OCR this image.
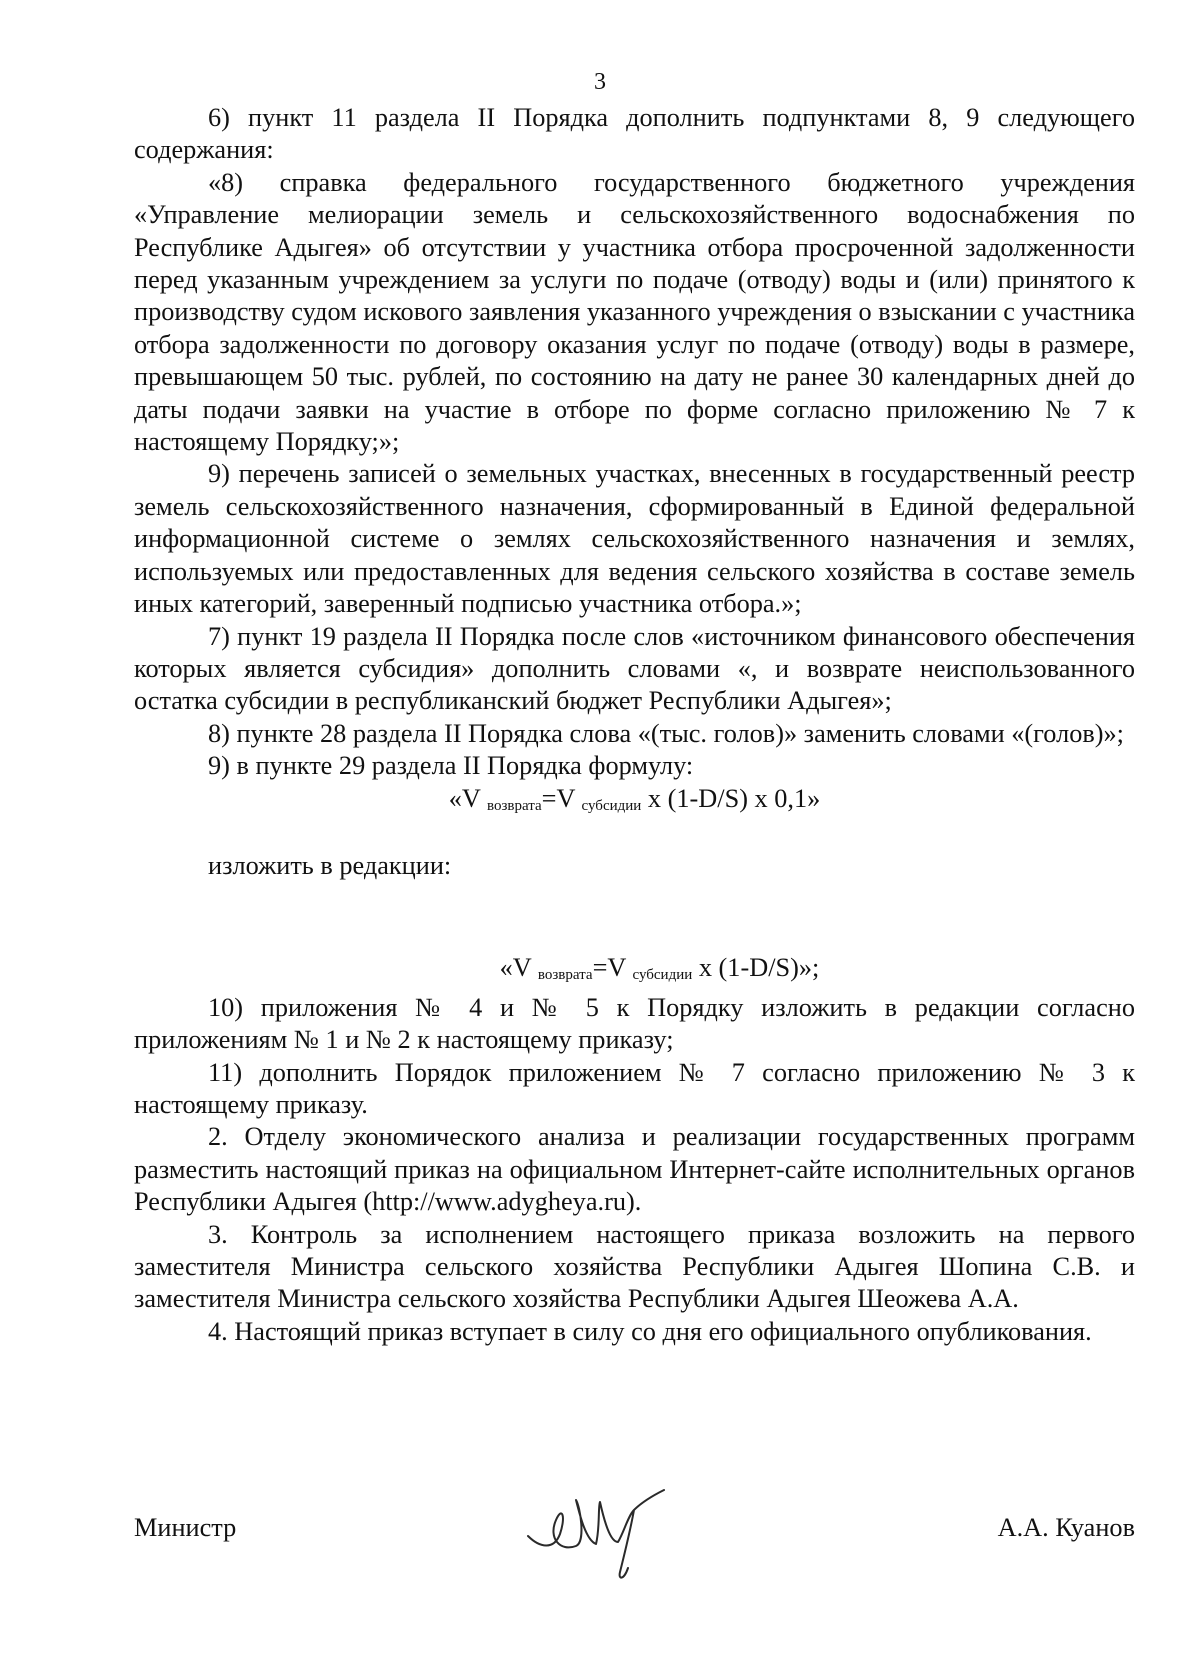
3

6) пункт 11 раздела II Порядка дополнить подпунктами 8, 9 следующего содержания:

«8) справка федерального государственного бюджетного учреждения «Управление мелиорации земель и сельскохозяйственного водоснабжения по Республике Адыгея» об отсутствии у участника отбора просроченной задолженности перед указанным учреждением за услуги по подаче (отводу) воды и (или) принятого к производству судом искового заявления указанного учреждения о взыскании с участника отбора задолженности по договору оказания услуг по подаче (отводу) воды в размере, превышающем 50 тыс. рублей, по состоянию на дату не ранее 30 календарных дней до даты подачи заявки на участие в отборе по форме согласно приложению № 7 к настоящему Порядку;»;

9) перечень записей о земельных участках, внесенных в государственный реестр земель сельскохозяйственного назначения, сформированный в Единой федеральной информационной системе о землях сельскохозяйственного назначения и землях, используемых или предоставленных для ведения сельского хозяйства в составе земель иных категорий, заверенный подписью участника отбора.»;

7) пункт 19 раздела II Порядка после слов «источником финансового обеспечения которых является субсидия» дополнить словами «, и возврате неиспользованного остатка субсидии в республиканский бюджет Республики Адыгея»;

8) пункте 28 раздела II Порядка слова «(тыс. голов)» заменить словами «(голов)»;

9) в пункте 29 раздела II Порядка формулу:

«V $_{возврата}$=V $_{субсидии}$ х (1-D/S) х 0,1»

изложить в редакции:

«V $_{возврата}$=V $_{субсидии}$ х (1-D/S)»;

10) приложения № 4 и № 5 к Порядку изложить в редакции согласно приложениям № 1 и № 2 к настоящему приказу;

11) дополнить Порядок приложением № 7 согласно приложению № 3 к настоящему приказу.

2. Отделу экономического анализа и реализации государственных программ разместить настоящий приказ на официальном Интернет-сайте исполнительных органов Республики Адыгея (http://www.adygheya.ru).

3. Контроль за исполнением настоящего приказа возложить на первого заместителя Министра сельского хозяйства Республики Адыгея Шопина С.В. и заместителя Министра сельского хозяйства Республики Адыгея Шеожева А.А.

4. Настоящий приказ вступает в силу со дня его официального опубликования.

Министр	А.А. Куанов
